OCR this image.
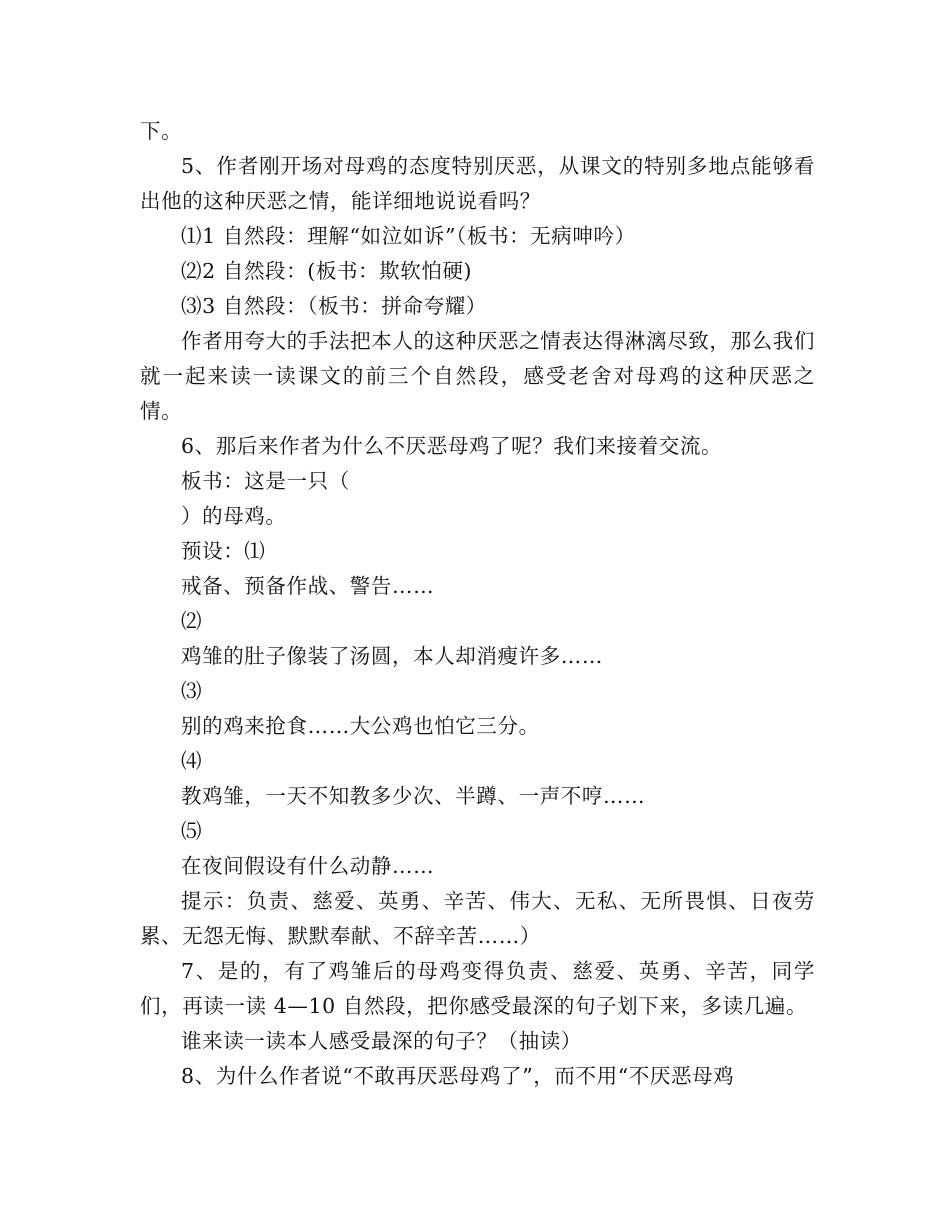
下。

5、作者刚开场对母鸡的态度特别厌恶，从课文的特别多地点能够看出他的这种厌恶之情，能详细地说说看吗？

⑴1 自然段：理解“如泣如诉”（板书：无病呻吟）

⑵2 自然段：(板书：欺软怕硬)

⑶3 自然段：（板书：拼命夸耀）

作者用夸大的手法把本人的这种厌恶之情表达得淋漓尽致，那么我们就一起来读一读课文的前三个自然段，感受老舍对母鸡的这种厌恶之情。

6、那后来作者为什么不厌恶母鸡了呢？我们来接着交流。

板书：这是一只（

）的母鸡。

预设：⑴

戒备、预备作战、警告……

⑵

鸡雏的肚子像装了汤圆，本人却消瘦许多……

⑶

别的鸡来抢食……大公鸡也怕它三分。

⑷

教鸡雏，一天不知教多少次、半蹲、一声不哼……

⑸

在夜间假设有什么动静……

提示：负责、慈爱、英勇、辛苦、伟大、无私、无所畏惧、日夜劳累、无怨无悔、默默奉献、不辞辛苦……）

7、是的，有了鸡雏后的母鸡变得负责、慈爱、英勇、辛苦，同学们，再读一读 4—10 自然段，把你感受最深的句子划下来，多读几遍。

谁来读一读本人感受最深的句子？（抽读）

8、为什么作者说“不敢再厌恶母鸡了”，而不用“不厌恶母鸡
